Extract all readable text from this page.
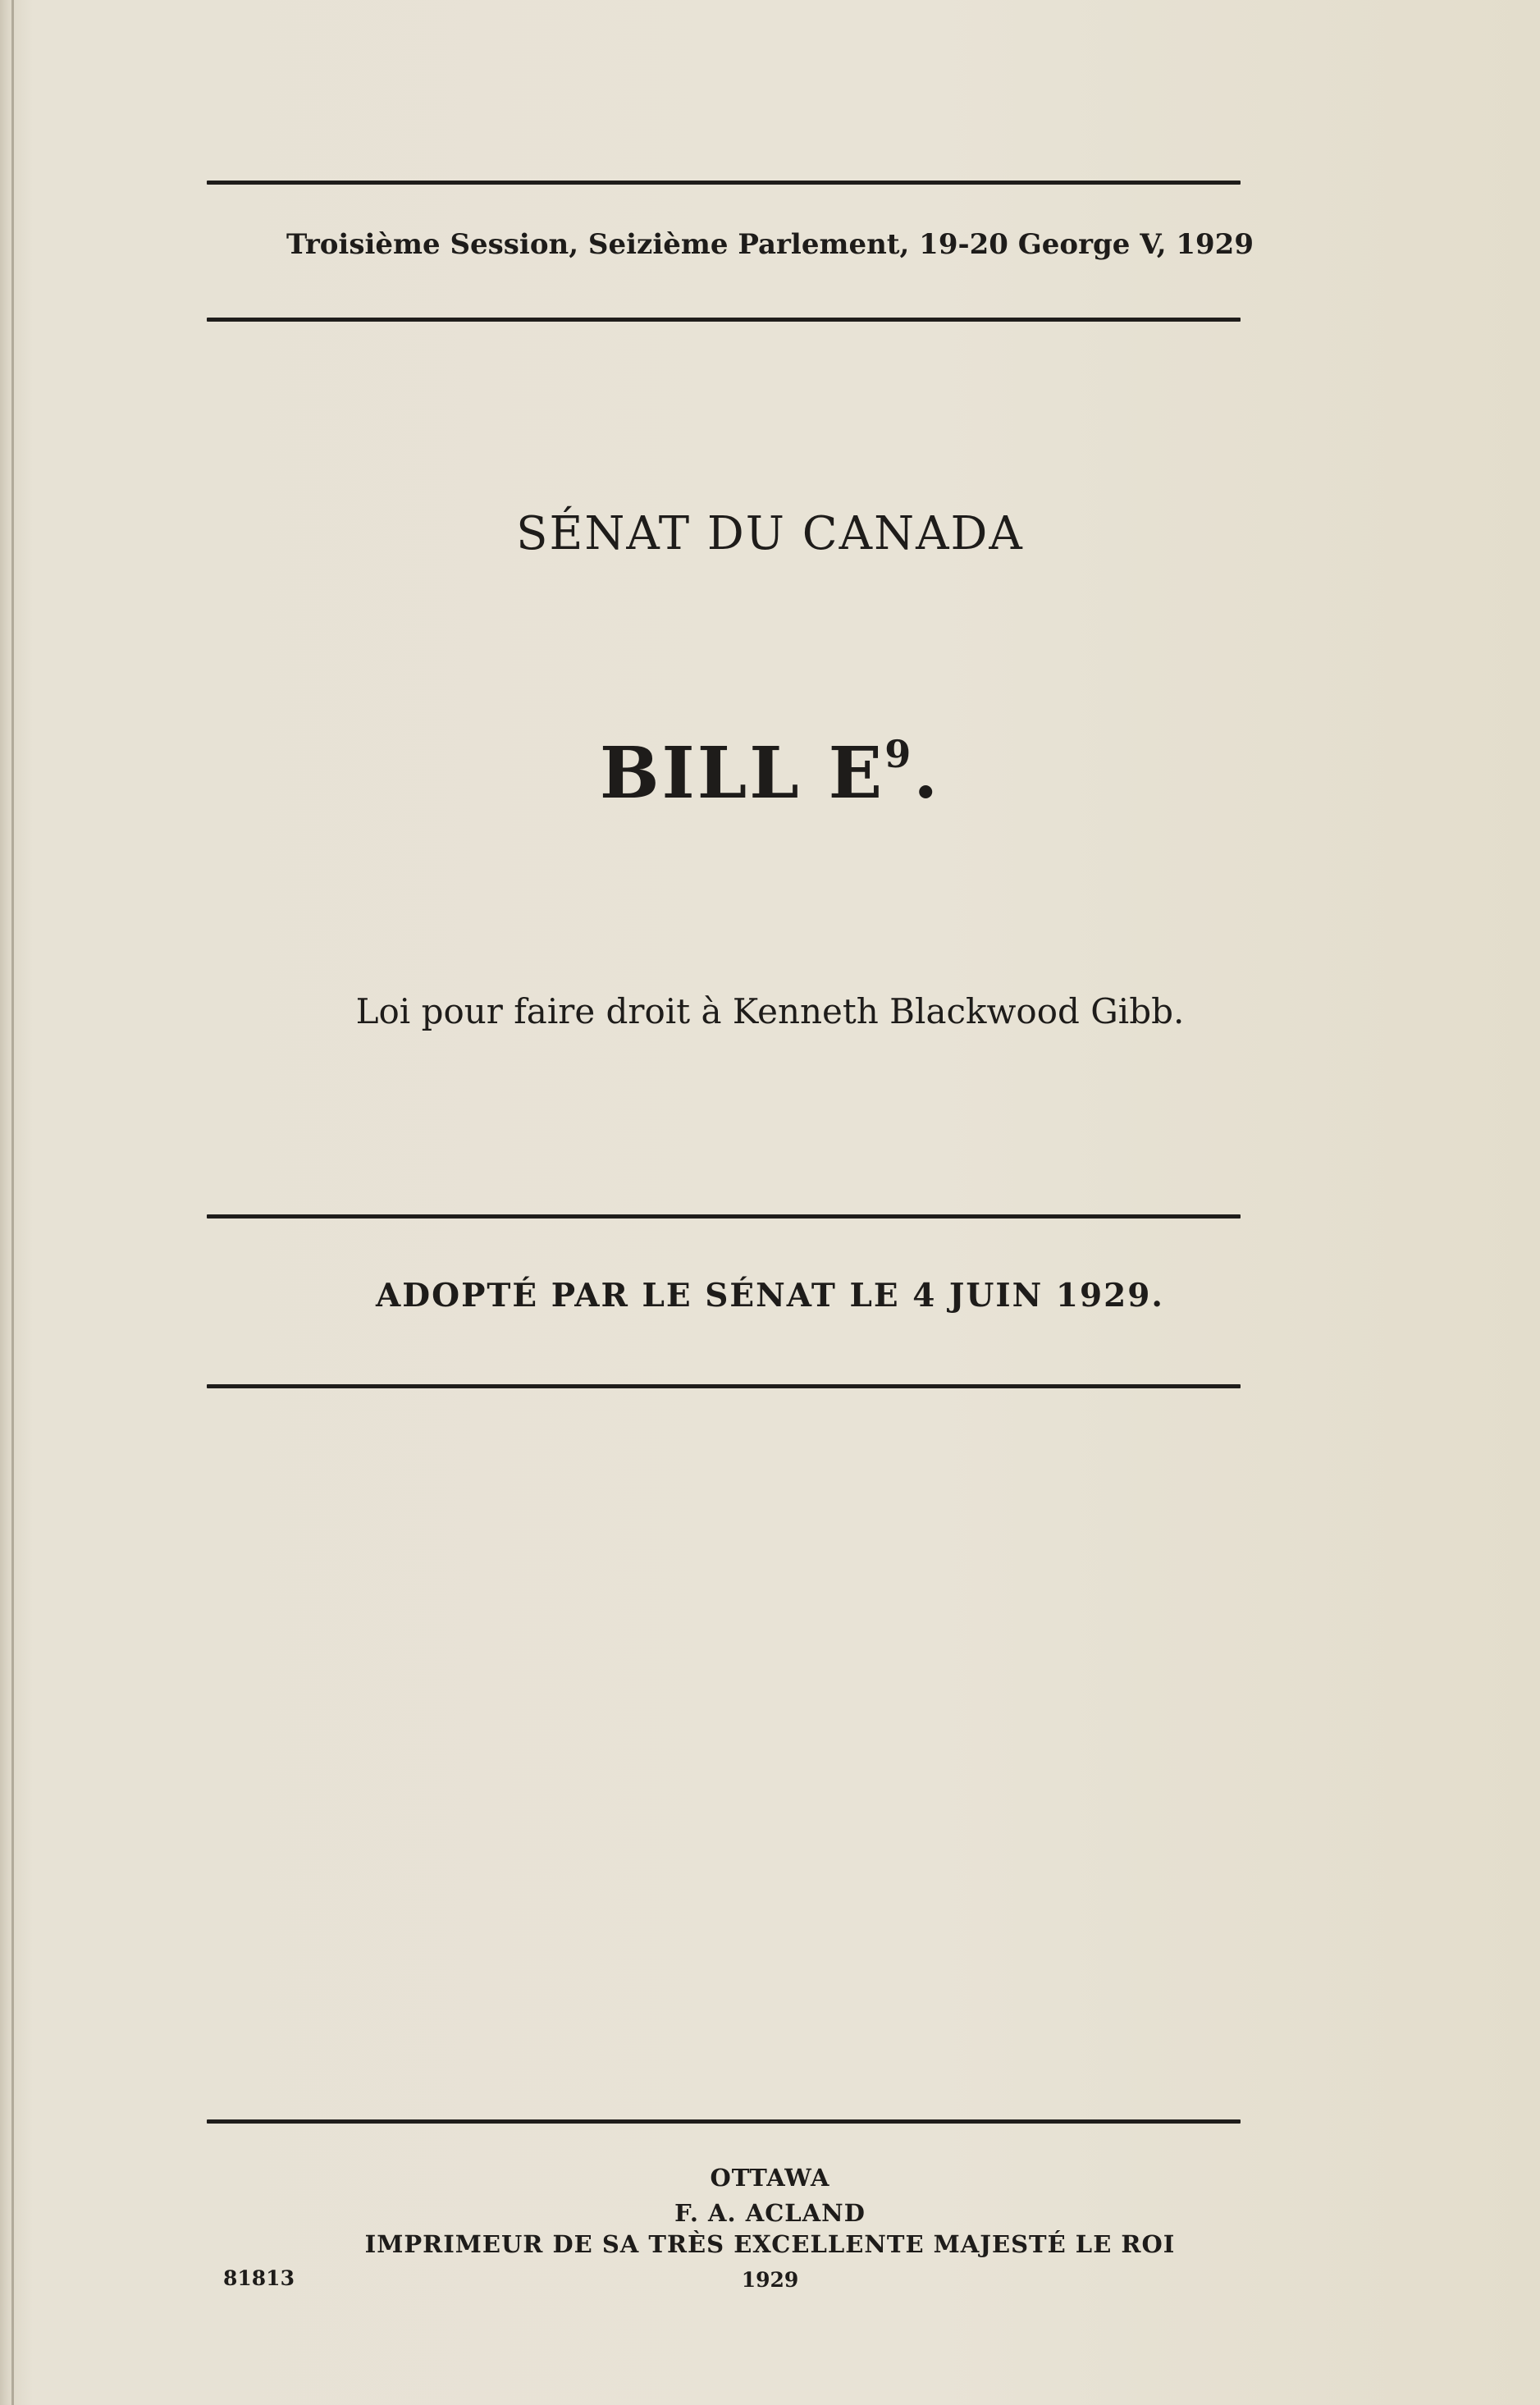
Troisième Session, Seizième Parlement, 19-20 George V, 1929
SÉNAT DU CANADA
BILL $E^9$.
Loi pour faire droit à Kenneth Blackwood Gibb.
ADOPTÉ PAR LE SÉNAT LE 4 JUIN 1929.
OTTAWA
F. A. ACLAND
IMPRIMEUR DE SA TRÈS EXCELLENTE MAJESTÉ LE ROI
1929
81813
